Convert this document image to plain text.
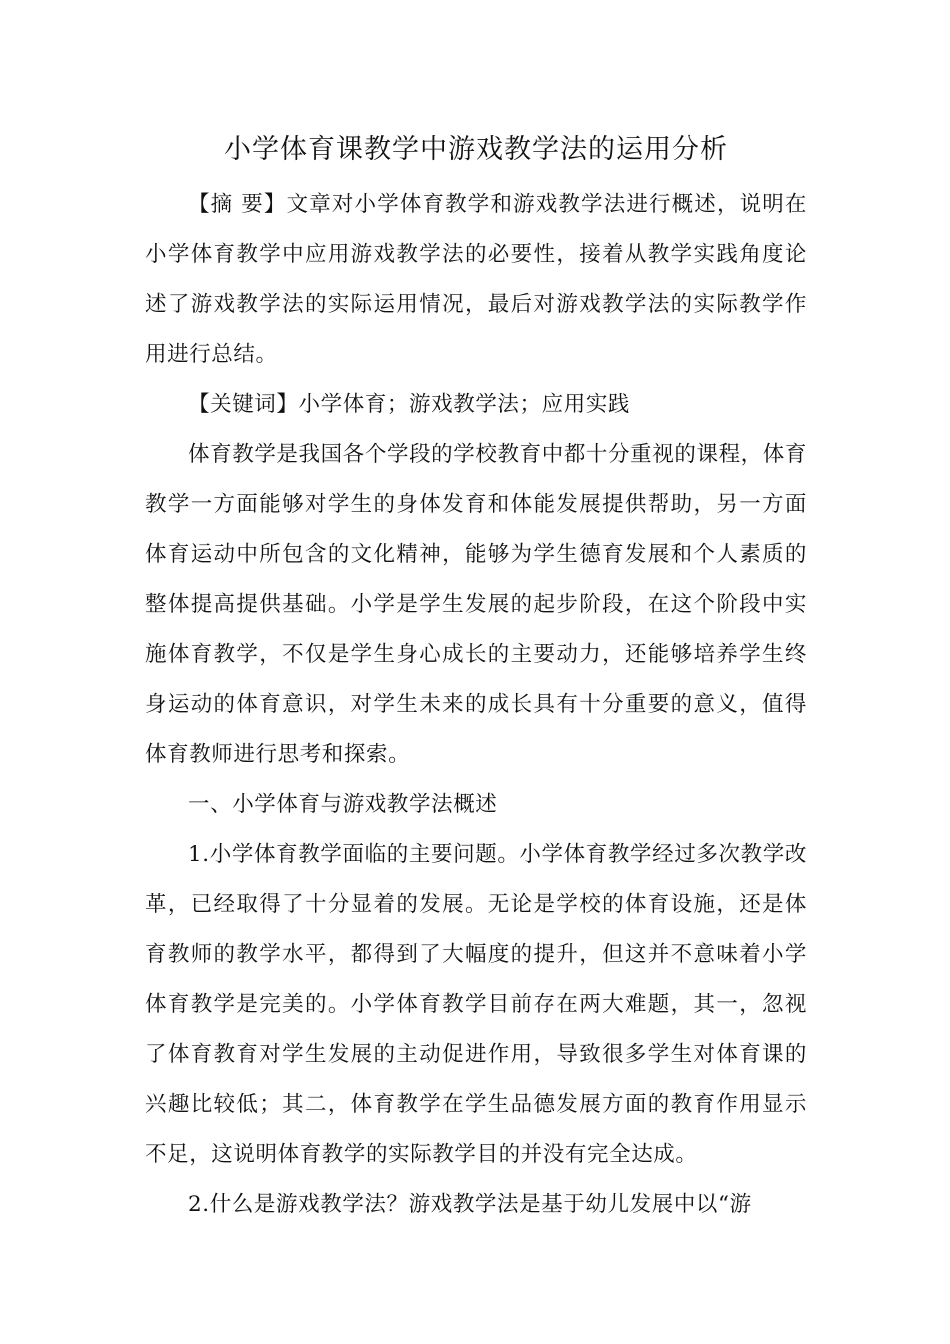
小学体育课教学中游戏教学法的运用分析

【摘 要】文章对小学体育教学和游戏教学法进行概述，说明在小学体育教学中应用游戏教学法的必要性，接着从教学实践角度论述了游戏教学法的实际运用情况，最后对游戏教学法的实际教学作用进行总结。

【关键词】小学体育；游戏教学法；应用实践

体育教学是我国各个学段的学校教育中都十分重视的课程，体育教学一方面能够对学生的身体发育和体能发展提供帮助，另一方面体育运动中所包含的文化精神，能够为学生德育发展和个人素质的整体提高提供基础。小学是学生发展的起步阶段，在这个阶段中实施体育教学，不仅是学生身心成长的主要动力，还能够培养学生终身运动的体育意识，对学生未来的成长具有十分重要的意义，值得体育教师进行思考和探索。

一、小学体育与游戏教学法概述

1.小学体育教学面临的主要问题。小学体育教学经过多次教学改革，已经取得了十分显着的发展。无论是学校的体育设施，还是体育教师的教学水平，都得到了大幅度的提升，但这并不意味着小学体育教学是完美的。小学体育教学目前存在两大难题，其一，忽视了体育教育对学生发展的主动促进作用，导致很多学生对体育课的兴趣比较低；其二，体育教学在学生品德发展方面的教育作用显示不足，这说明体育教学的实际教学目的并没有完全达成。

2.什么是游戏教学法？游戏教学法是基于幼儿发展中以“游
